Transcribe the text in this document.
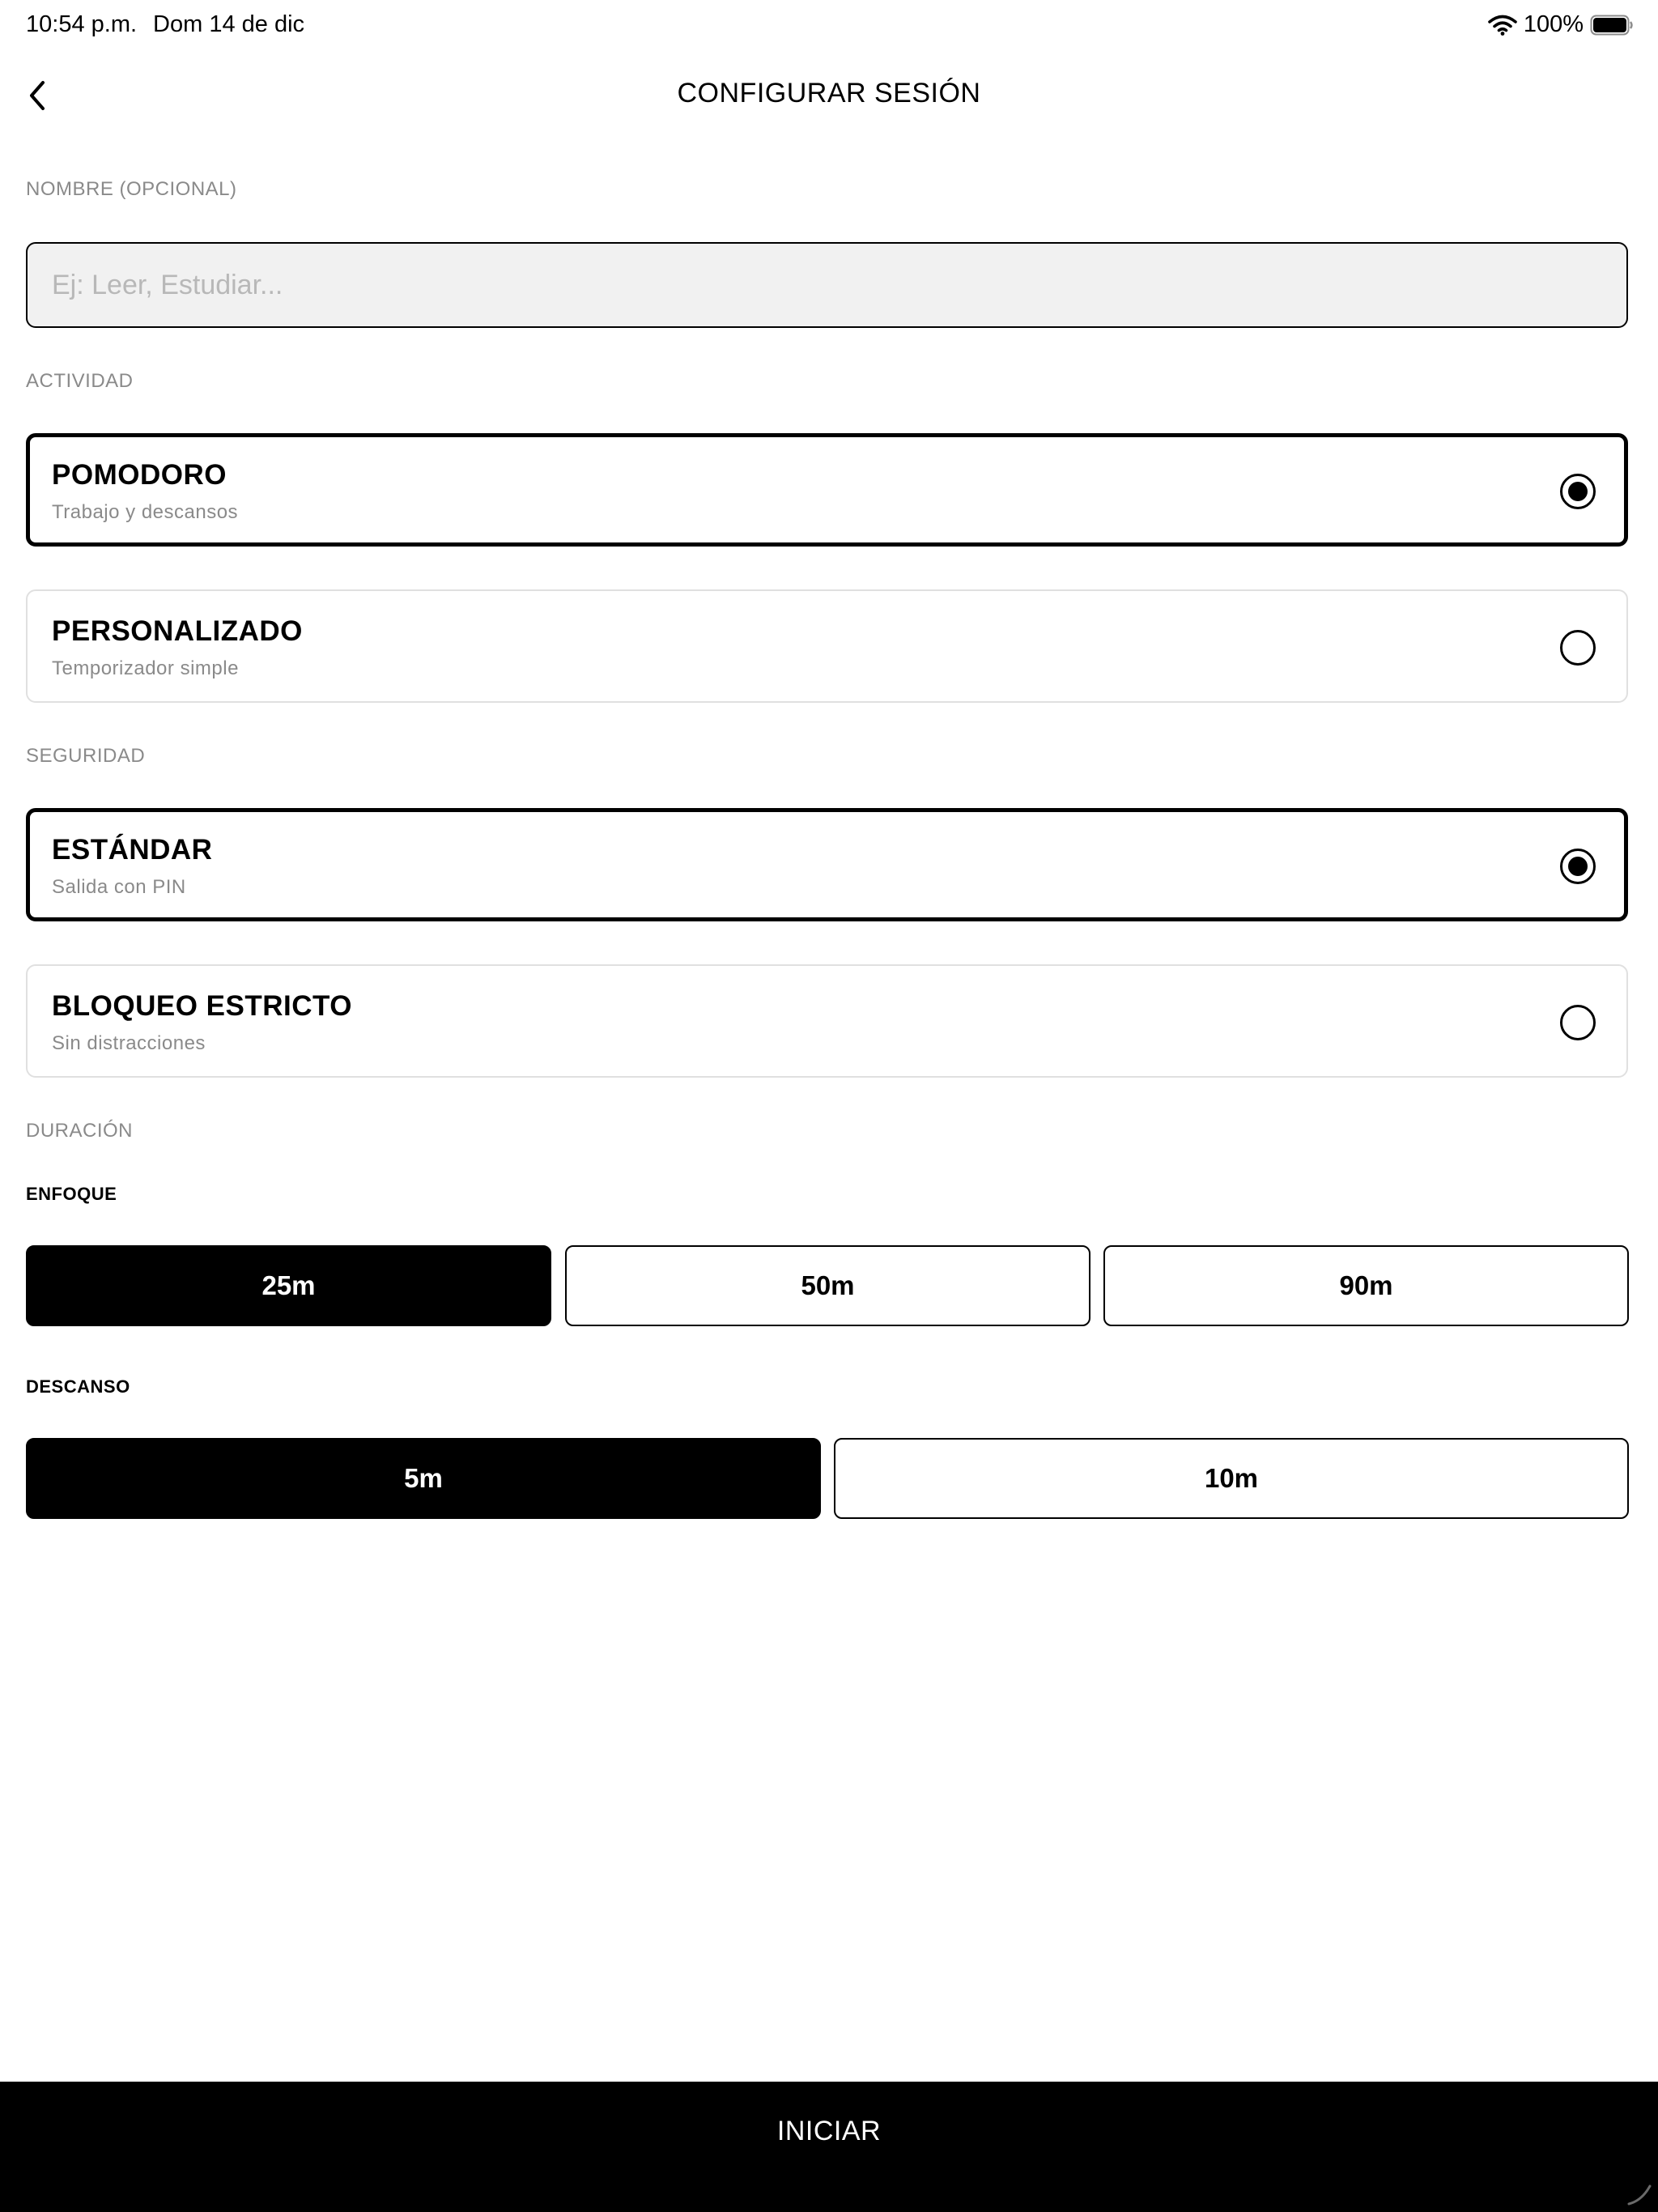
10:54 p.m. Dom 14 de dic	100%
CONFIGURAR SESIÓN
NOMBRE (OPCIONAL)
Ej: Leer, Estudiar...
ACTIVIDAD
POMODORO
Trabajo y descansos
PERSONALIZADO
Temporizador simple
SEGURIDAD
ESTÁNDAR
Salida con PIN
BLOQUEO ESTRICTO
Sin distracciones
DURACIÓN
ENFOQUE
25m	50m	90m
DESCANSO
5m	10m
INICIAR
